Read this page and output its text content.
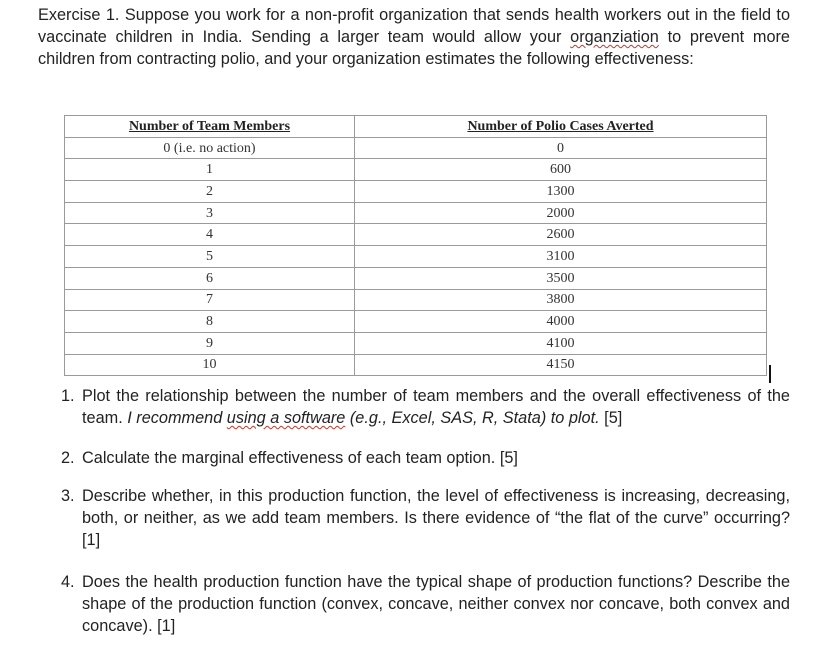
Exercise 1. Suppose you work for a non-profit organization that sends health workers out in the field to vaccinate children in India. Sending a larger team would allow your organziation to prevent more children from contracting polio, and your organization estimates the following effectiveness:

Number of Team Members	Number of Polio Cases Averted
0 (i.e. no action)	0
1	600
2	1300
3	2000
4	2600
5	3100
6	3500
7	3800
8	4000
9	4100
10	4150
1. Plot the relationship between the number of team members and the overall effectiveness of the team. I recommend using a software (e.g., Excel, SAS, R, Stata) to plot. [5]
2. Calculate the marginal effectiveness of each team option. [5]
3. Describe whether, in this production function, the level of effectiveness is increasing, decreasing, both, or neither, as we add team members. Is there evidence of “the flat of the curve” occurring? [1]
4. Does the health production function have the typical shape of production functions? Describe the shape of the production function (convex, concave, neither convex nor concave, both convex and concave). [1]
